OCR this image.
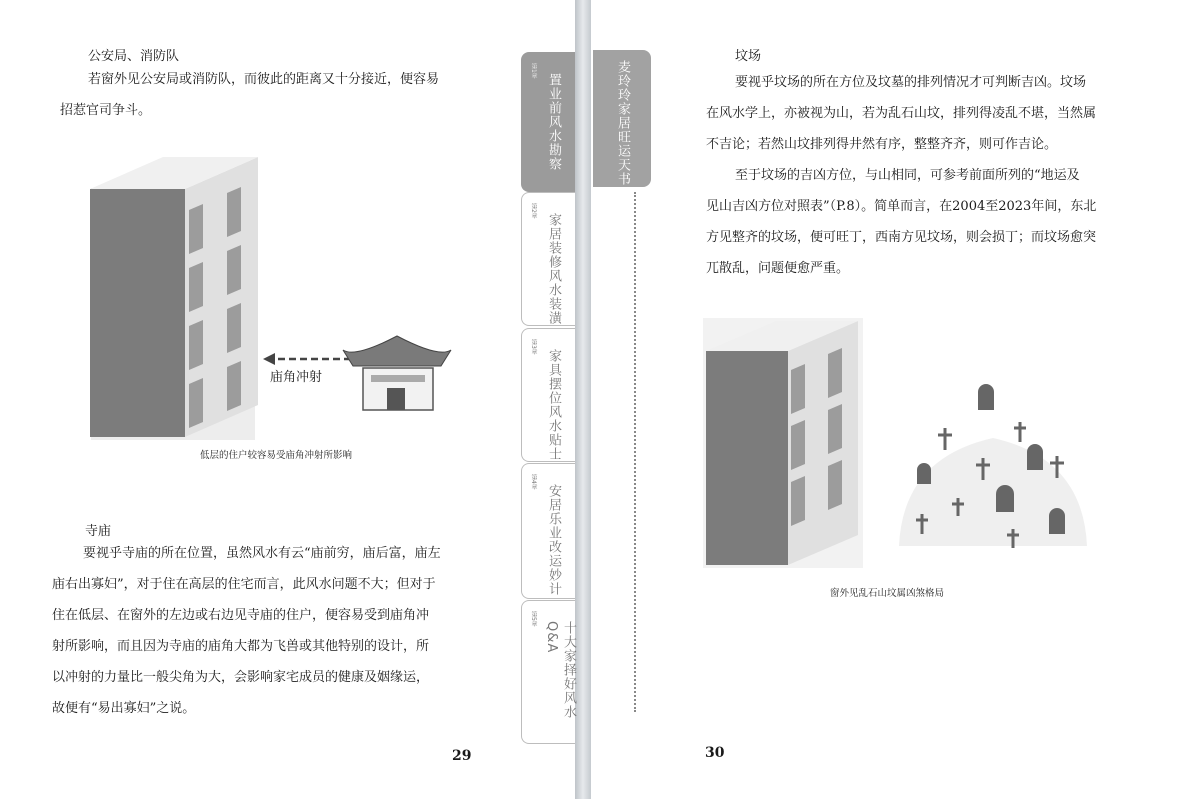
公安局、消防队
若窗外见公安局或消防队，而彼此的距离又十分接近，便容易
招惹官司争斗。
庙角冲射
低层的住户较容易受庙角冲射所影响
寺庙
要视乎寺庙的所在位置，虽然风水有云“庙前穷，庙后富，庙左
庙右出寡妇”，对于住在高层的住宅而言，此风水问题不大；但对于
住在低层、在窗外的左边或右边见寺庙的住户，便容易受到庙角冲
射所影响，而且因为寺庙的庙角大都为飞兽或其他特别的设计，所
以冲射的力量比一般尖角为大，会影响家宅成员的健康及姻缘运，
故便有“易出寡妇”之说。
29
第1章
置业前风水勘察
第2章
家居装修风水装潢
第3章
家具摆位风水贴士
第4章
安居乐业改运妙计
第5章
十大家择好风水Q&A
麦玲玲家居旺运天书
坟场
要视乎坟场的所在方位及坟墓的排列情况才可判断吉凶。坟场
在风水学上，亦被视为山，若为乱石山坟，排列得凌乱不堪，当然属
不吉论；若然山坟排列得井然有序，整整齐齐，则可作吉论。
至于坟场的吉凶方位，与山相同，可参考前面所列的“地运及
见山吉凶方位对照表”（P.8）。简单而言，在2004至2023年间，东北
方见整齐的坟场，便可旺丁，西南方见坟场，则会损丁；而坟场愈突
兀散乱，问题便愈严重。
窗外见乱石山坟属凶煞格局
30
